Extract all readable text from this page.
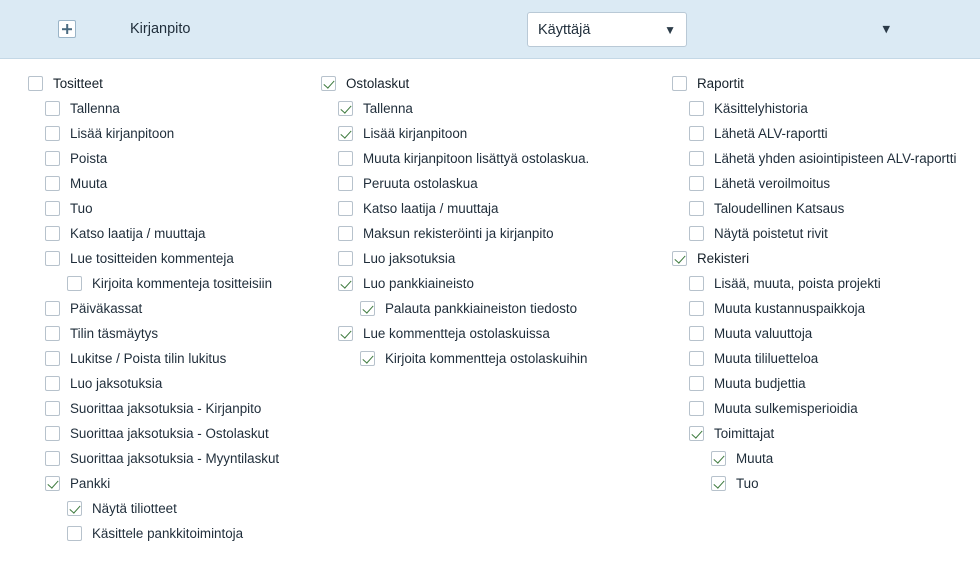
Kirjanpito	Käyttäjä	▼	▾
Tositteet
Tallenna
Lisää kirjanpitoon
Poista
Muuta
Tuo
Katso laatija / muuttaja
Lue tositteiden kommenteja
Kirjoita kommenteja tositteisiin
Päiväkassat
Tilin täsmäytys
Lukitse / Poista tilin lukitus
Luo jaksotuksia
Suorittaa jaksotuksia - Kirjanpito
Suorittaa jaksotuksia - Ostolaskut
Suorittaa jaksotuksia - Myyntilaskut
Pankki
Näytä tiliotteet
Käsittele pankkitoimintoja
Ostolaskut
Tallenna
Lisää kirjanpitoon
Muuta kirjanpitoon lisättyä ostolaskua.
Peruuta ostolaskua
Katso laatija / muuttaja
Maksun rekisteröinti ja kirjanpito
Luo jaksotuksia
Luo pankkiaineisto
Palauta pankkiaineiston tiedosto
Lue kommentteja ostolaskuissa
Kirjoita kommentteja ostolaskuihin
Raportit
Käsittelyhistoria
Lähetä ALV-raportti
Lähetä yhden asiointipisteen ALV-raportti
Lähetä veroilmoitus
Taloudellinen Katsaus
Näytä poistetut rivit
Rekisteri
Lisää, muuta, poista projekti
Muuta kustannuspaikkoja
Muuta valuuttoja
Muuta tililuetteloa
Muuta budjettia
Muuta sulkemisperioidia
Toimittajat
Muuta
Tuo
